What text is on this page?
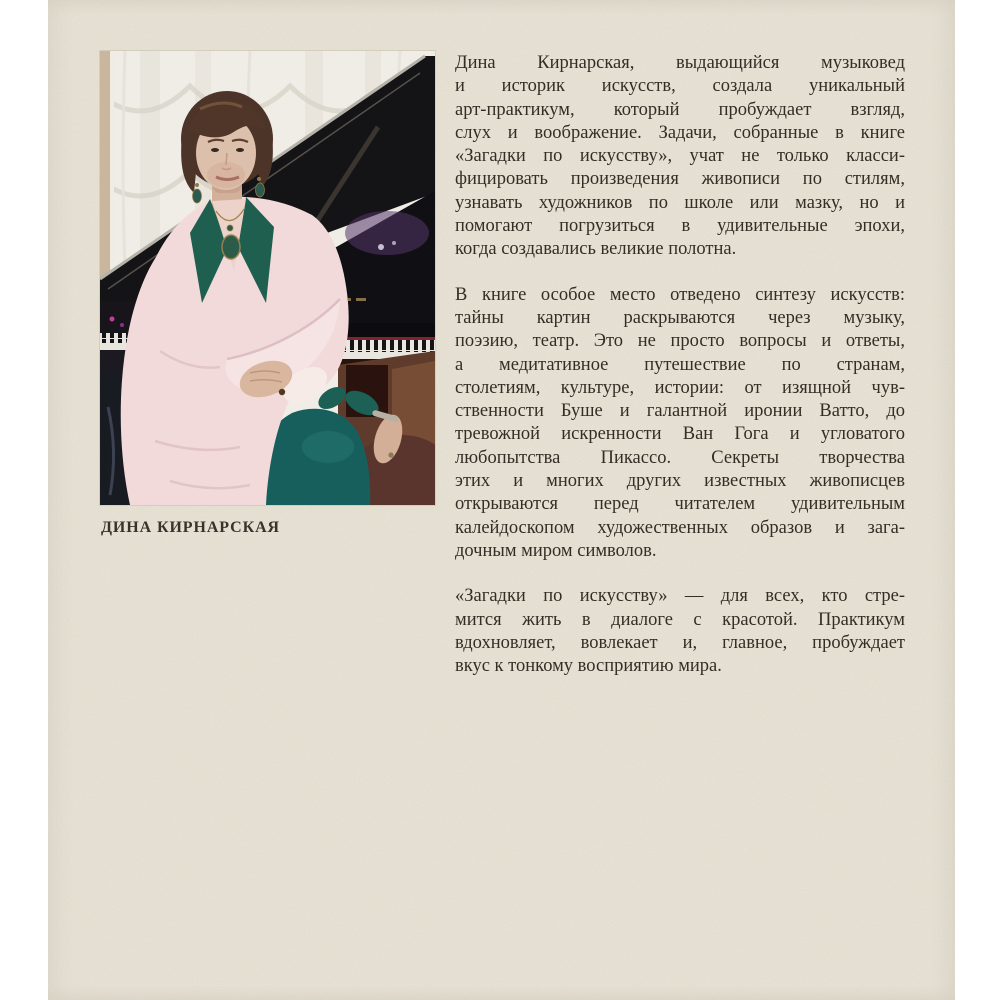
ДИНА КИРНАРСКАЯ
Дина Кирнарская, выдающийся музыковед
и историк искусств, создала уникальный
арт-практикум, который пробуждает взгляд,
слух и воображение. Задачи, собранные в книге
«Загадки по искусству», учат не только класси-
фицировать произведения живописи по стилям,
узнавать художников по школе или мазку, но и
помогают погрузиться в удивительные эпохи,
когда создавались великие полотна.
В книге особое место отведено синтезу искусств:
тайны картин раскрываются через музыку,
поэзию, театр. Это не просто вопросы и ответы,
а медитативное путешествие по странам,
столетиям, культуре, истории: от изящной чув-
ственности Буше и галантной иронии Ватто, до
тревожной искренности Ван Гога и угловатого
любопытства Пикассо. Секреты творчества
этих и многих других известных живописцев
открываются перед читателем удивительным
калейдоскопом художественных образов и зага-
дочным миром символов.
«Загадки по искусству» — для всех, кто стре-
мится жить в диалоге с красотой. Практикум
вдохновляет, вовлекает и, главное, пробуждает
вкус к тонкому восприятию мира.
